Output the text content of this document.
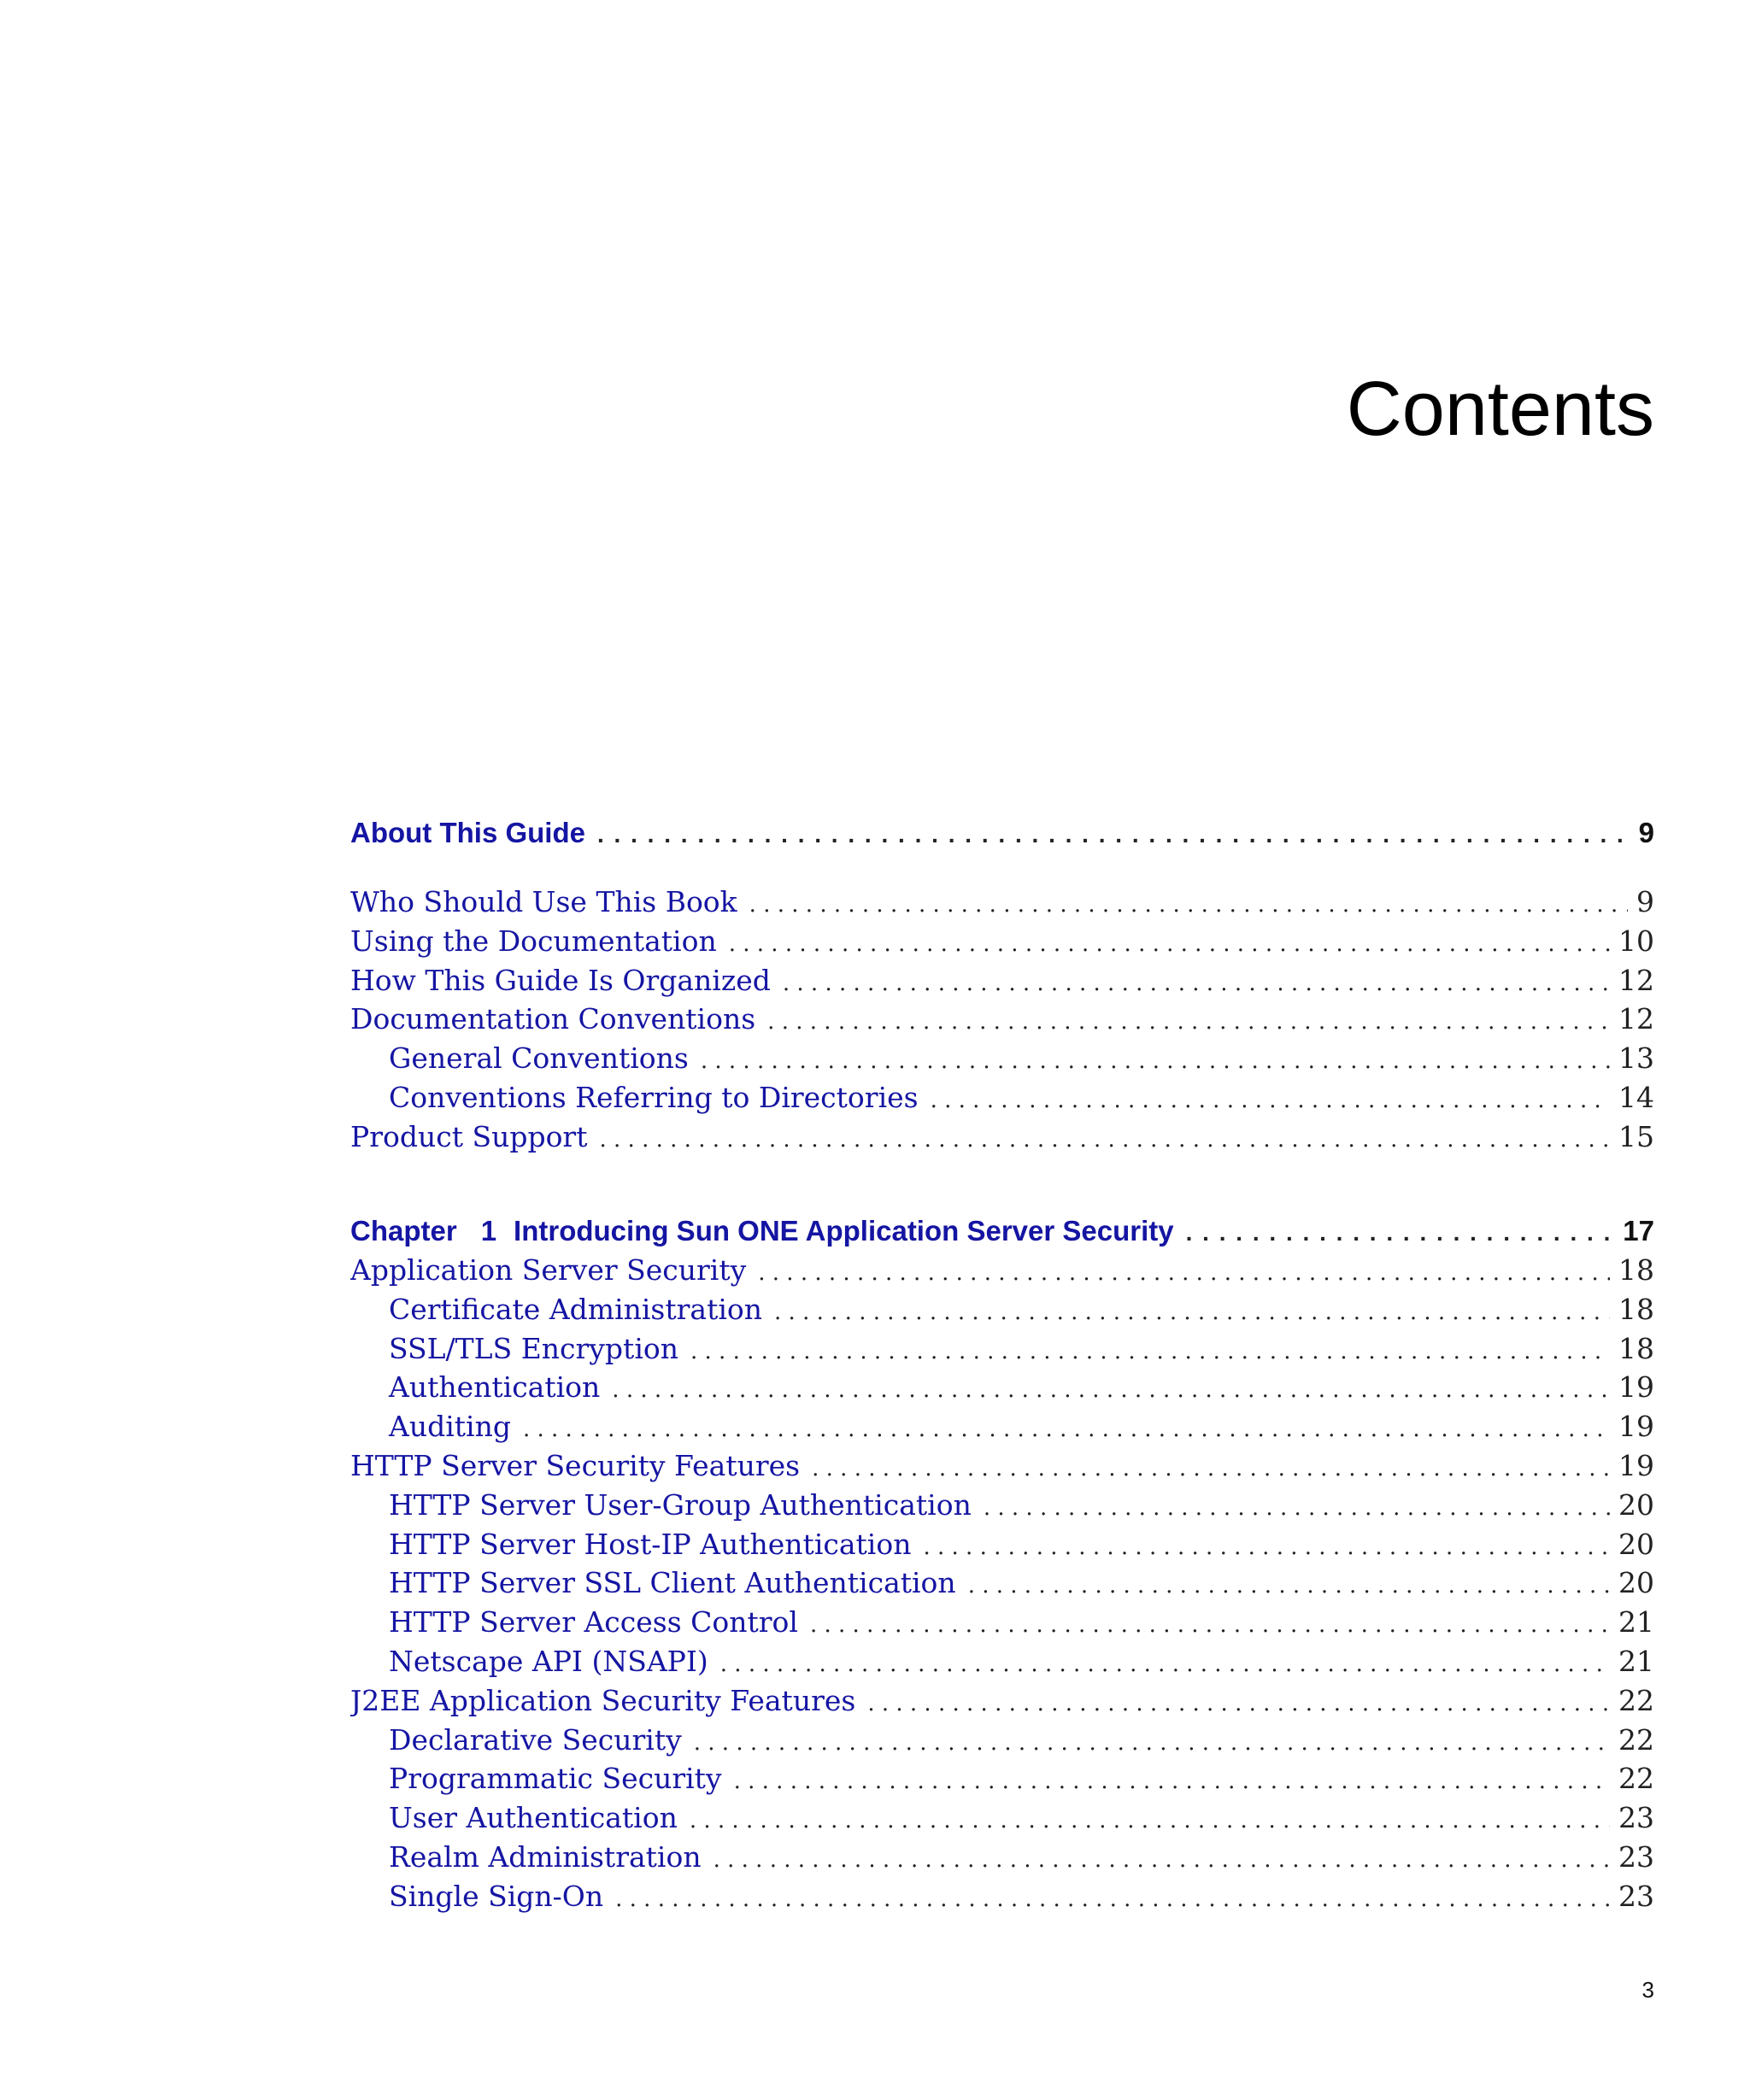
Contents
About This Guide . . .	9
Who Should Use This Book . . .	9
Using the Documentation . . .	10
How This Guide Is Organized . . .	12
Documentation Conventions . . .	12
General Conventions . . .	13
Conventions Referring to Directories . . .	14
Product Support . . .	15
Chapter 1 Introducing Sun ONE Application Server Security . . .	17
Application Server Security . . .	18
Certificate Administration . . .	18
SSL/TLS Encryption . . .	18
Authentication . . .	19
Auditing . . .	19
HTTP Server Security Features . . .	19
HTTP Server User-Group Authentication . . .	20
HTTP Server Host-IP Authentication . . .	20
HTTP Server SSL Client Authentication . . .	20
HTTP Server Access Control . . .	21
Netscape API (NSAPI) . . .	21
J2EE Application Security Features . . .	22
Declarative Security . . .	22
Programmatic Security . . .	22
User Authentication . . .	23
Realm Administration . . .	23
Single Sign-On . . .	23
3
